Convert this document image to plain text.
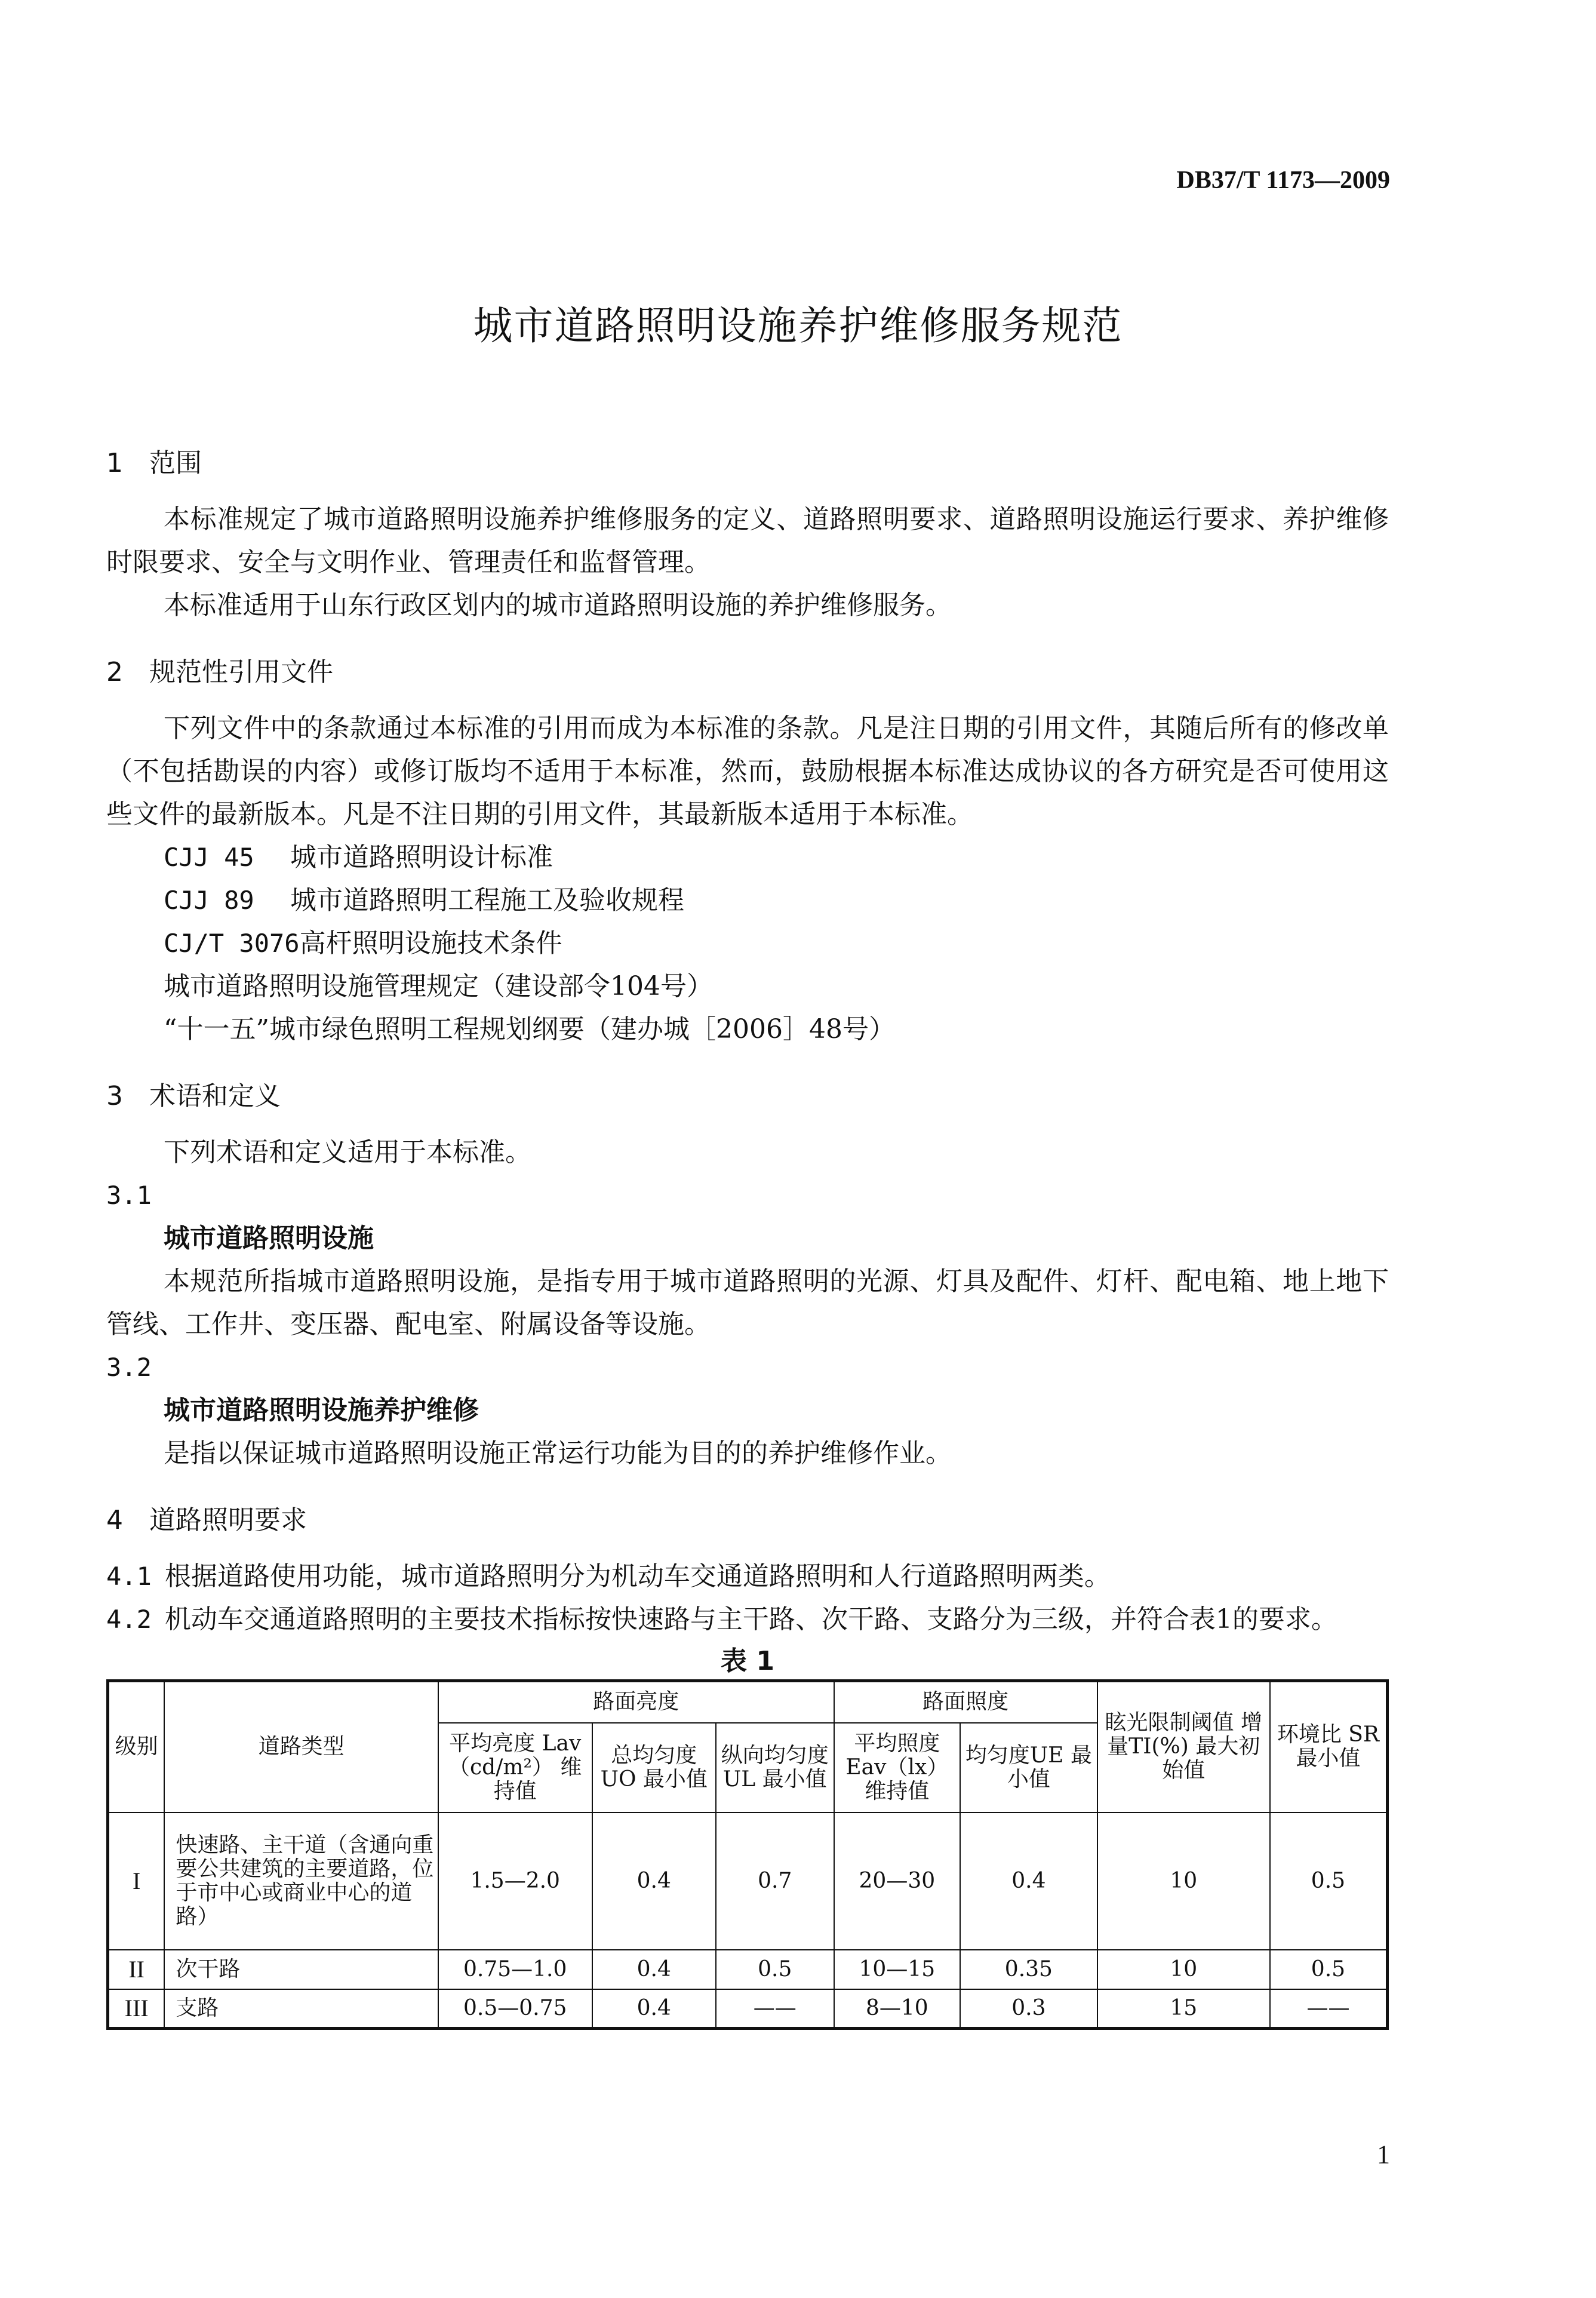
DB37/T 1173—2009
城市道路照明设施养护维修服务规范

1 范围

本标准规定了城市道路照明设施养护维修服务的定义、道路照明要求、道路照明设施运行要求、养护维修时限要求、安全与文明作业、管理责任和监督管理。

本标准适用于山东行政区划内的城市道路照明设施的养护维修服务。

2 规范性引用文件

下列文件中的条款通过本标准的引用而成为本标准的条款。凡是注日期的引用文件，其随后所有的修改单（不包括勘误的内容）或修订版均不适用于本标准，然而，鼓励根据本标准达成协议的各方研究是否可使用这些文件的最新版本。凡是不注日期的引用文件，其最新版本适用于本标准。

CJJ 45 城市道路照明设计标准

CJJ 89 城市道路照明工程施工及验收规程

CJ/T 3076高杆照明设施技术条件

城市道路照明设施管理规定（建设部令104号）

“十一五”城市绿色照明工程规划纲要（建办城［2006］48号）

3 术语和定义

下列术语和定义适用于本标准。

3.1

城市道路照明设施

本规范所指城市道路照明设施，是指专用于城市道路照明的光源、灯具及配件、灯杆、配电箱、地上地下管线、工作井、变压器、配电室、附属设备等设施。

3.2

城市道路照明设施养护维修

是指以保证城市道路照明设施正常运行功能为目的的养护维修作业。

4 道路照明要求

4.1 根据道路使用功能，城市道路照明分为机动车交通道路照明和人行道路照明两类。

4.2 机动车交通道路照明的主要技术指标按快速路与主干路、次干路、支路分为三级，并符合表1的要求。

表 1

级别	道路类型	路面亮度			路面照度		眩光限制阈值 增量TI(%) 最大初始值	环境比 SR 最小值
		平均亮度 Lav（cd/m²） 维持值	总均匀度 UO 最小值	纵向均匀度UL 最小值	平均照度 Eav（lx） 维持值	均匀度UE 最小值		
I	快速路、主干道（含通向重要公共建筑的主要道路，位于市中心或商业中心的道路）	1.5—2.0	0.4	0.7	20—30	0.4	10	0.5
II	次干路	0.75—1.0	0.4	0.5	10—15	0.35	10	0.5
III	支路	0.5—0.75	0.4	——	8—10	0.3	15	——
1
